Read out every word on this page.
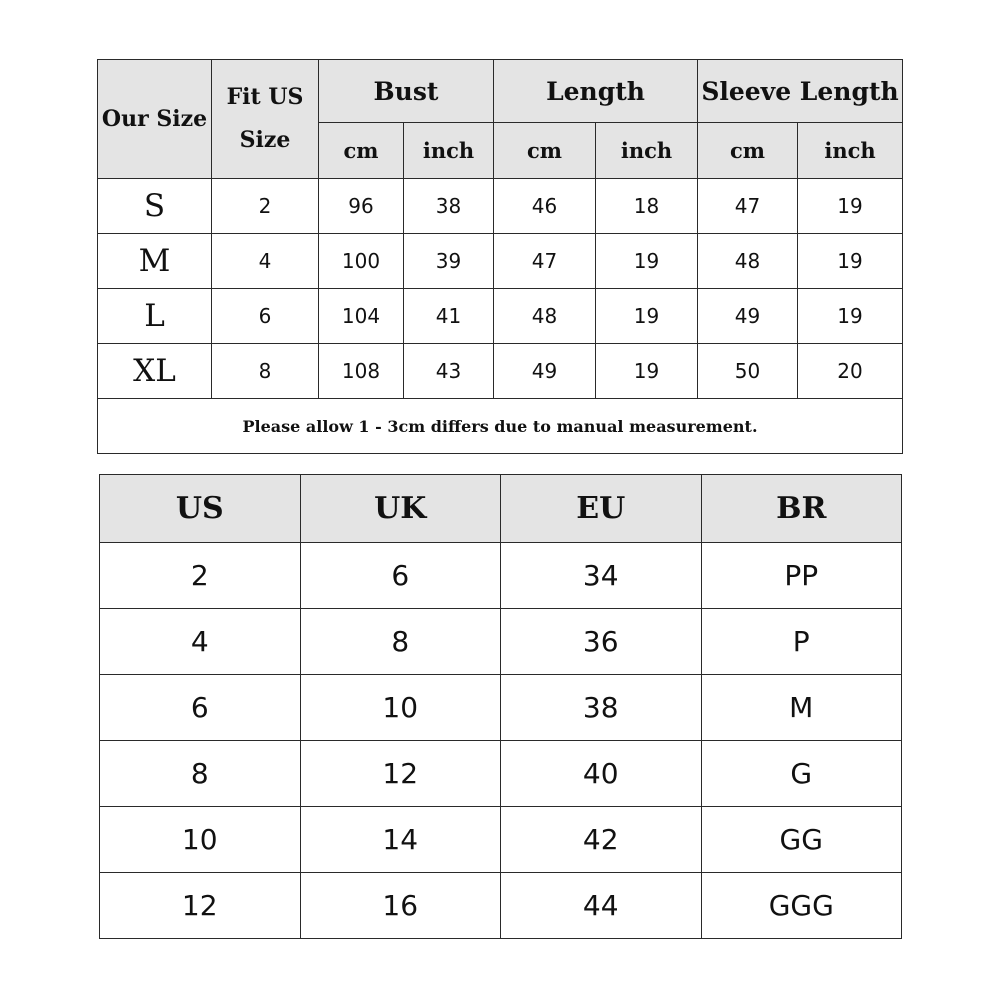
Our Size	Fit US Size	Bust		Length		Sleeve Length	
		cm	inch	cm	inch	cm	inch
S	2	96	38	46	18	47	19
M	4	100	39	47	19	48	19
L	6	104	41	48	19	49	19
XL	8	108	43	49	19	50	20
Please allow 1 - 3cm differs due to manual measurement.							
US	UK	EU	BR
2	6	34	PP
4	8	36	P
6	10	38	M
8	12	40	G
10	14	42	GG
12	16	44	GGG
